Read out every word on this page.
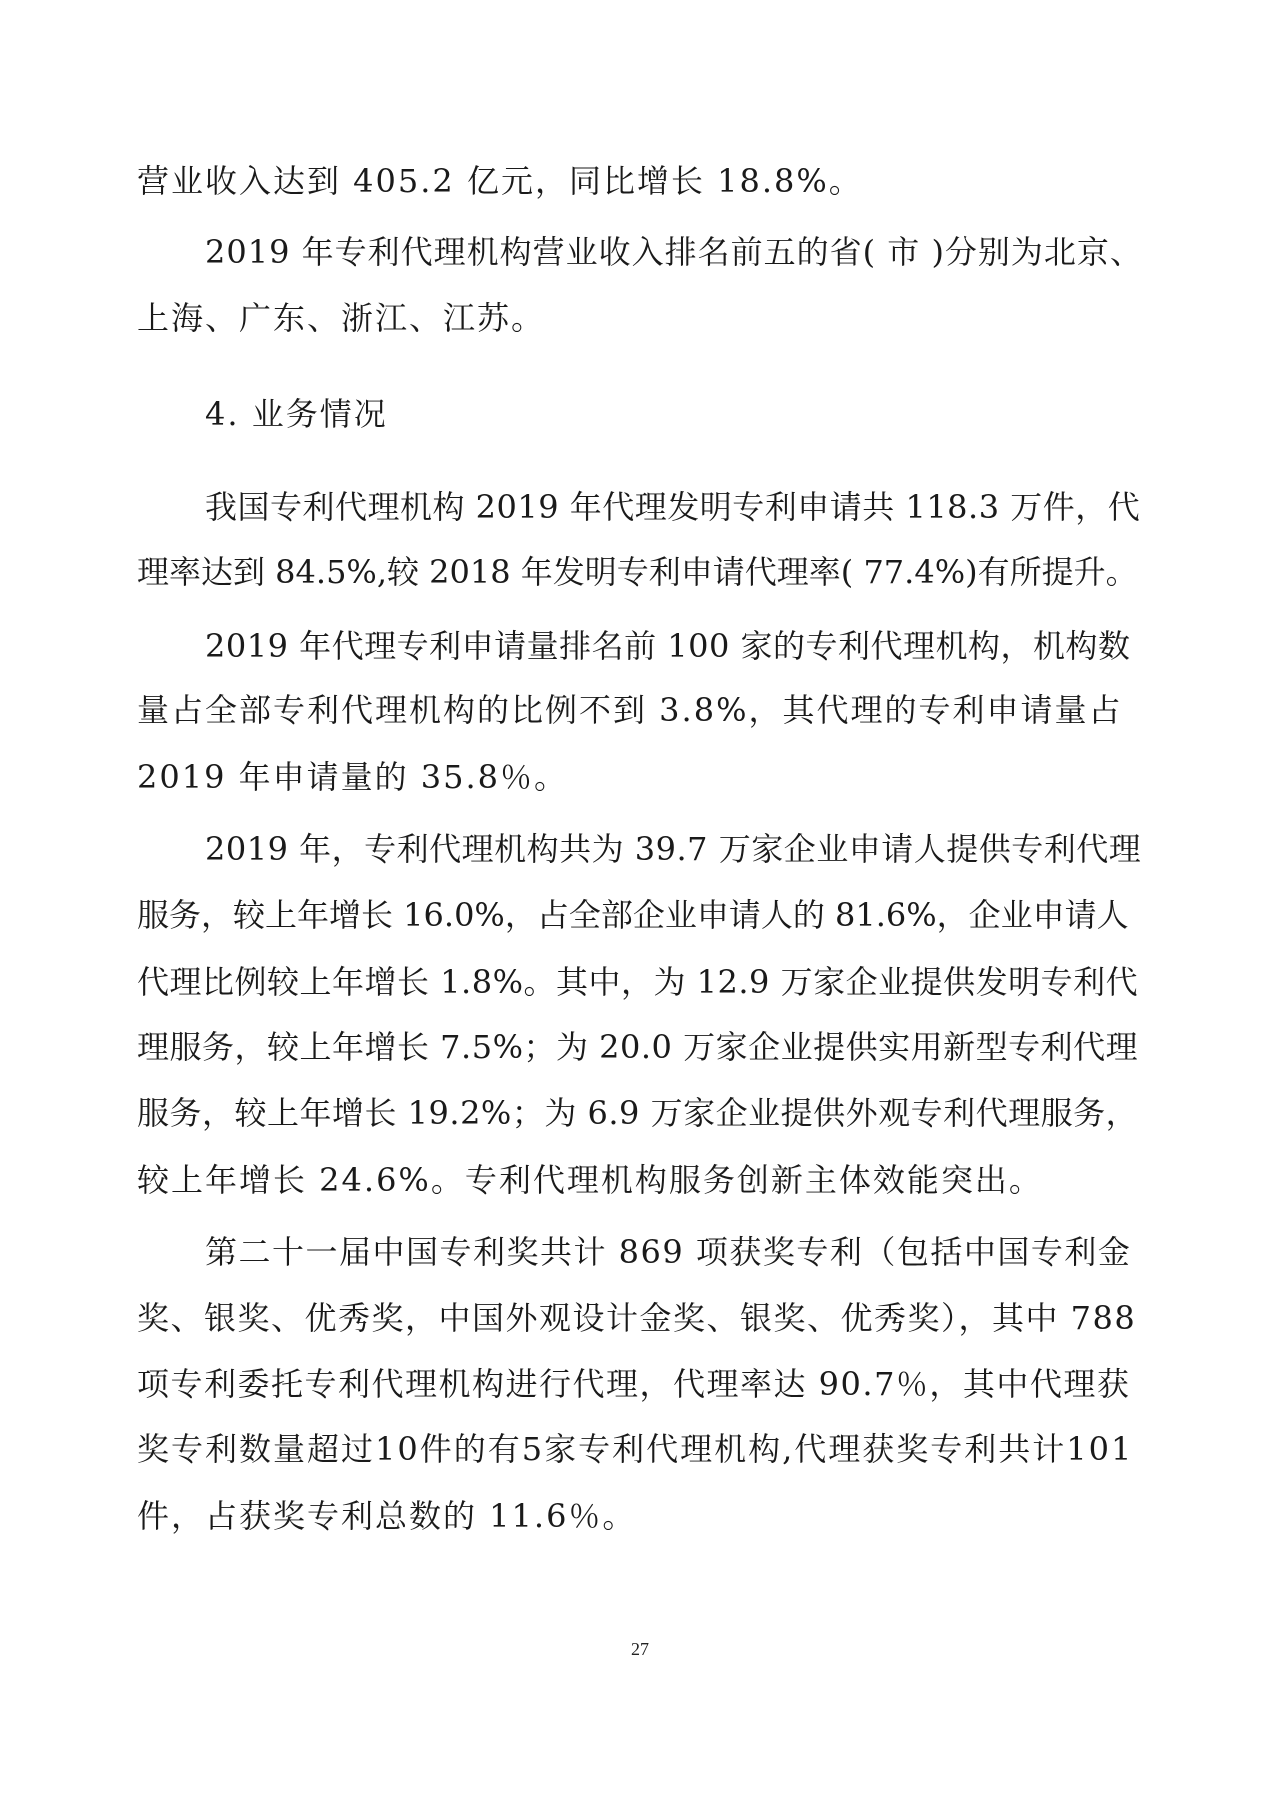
营业收入达到 405.2 亿元，同比增长 18.8%。
2019 年专利代理机构营业收入排名前五的省( 市 )分别为北京、
上海、广东、浙江、江苏。
4. 业务情况
我国专利代理机构 2019 年代理发明专利申请共 118.3 万件，代
理率达到 84.5%,较 2018 年发明专利申请代理率( 77.4%)有所提升。
2019 年代理专利申请量排名前 100 家的专利代理机构，机构数
量占全部专利代理机构的比例不到 3.8%，其代理的专利申请量占
2019 年申请量的 35.8％。
2019 年，专利代理机构共为 39.7 万家企业申请人提供专利代理
服务，较上年增长 16.0%，占全部企业申请人的 81.6%，企业申请人
代理比例较上年增长 1.8%。其中，为 12.9 万家企业提供发明专利代
理服务，较上年增长 7.5%；为 20.0 万家企业提供实用新型专利代理
服务，较上年增长 19.2%；为 6.9 万家企业提供外观专利代理服务，
较上年增长 24.6%。专利代理机构服务创新主体效能突出。
第二十一届中国专利奖共计 869 项获奖专利（包括中国专利金
奖、银奖、优秀奖，中国外观设计金奖、银奖、优秀奖），其中 788
项专利委托专利代理机构进行代理，代理率达 90.7％，其中代理获
奖专利数量超过10件的有5家专利代理机构,代理获奖专利共计101
件，占获奖专利总数的 11.6％。
27
